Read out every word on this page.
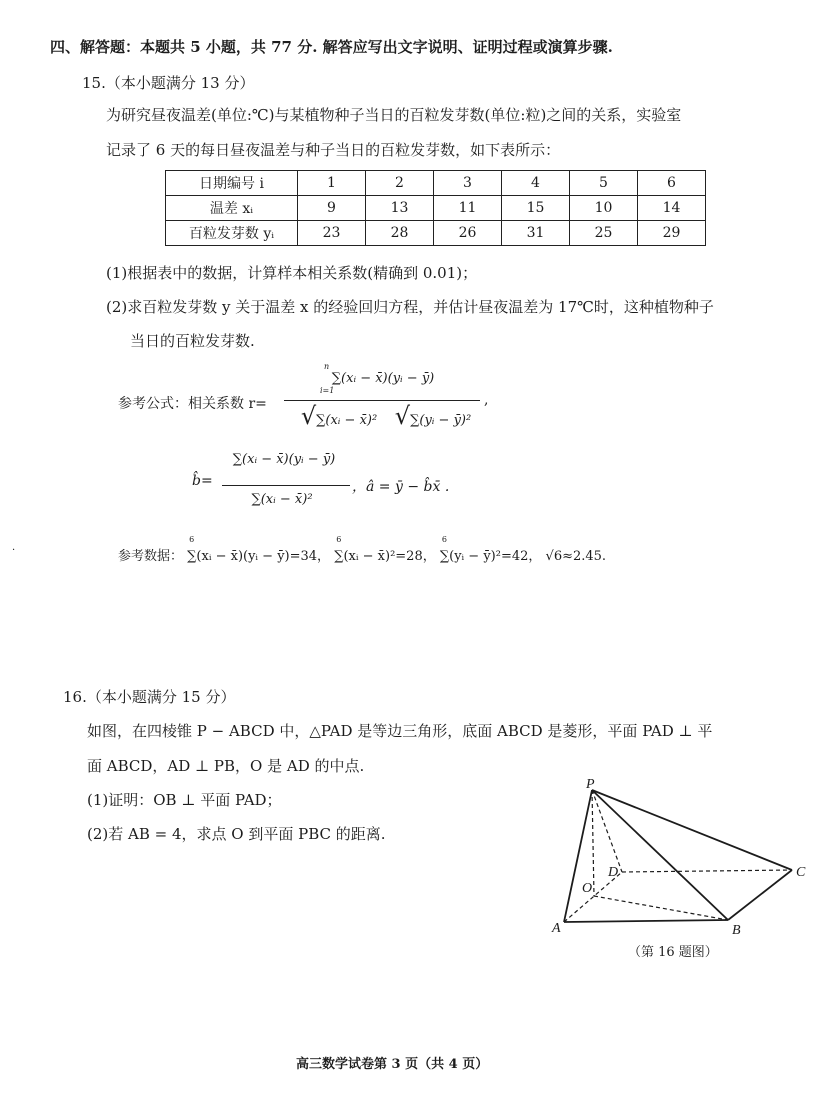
四、解答题：本题共 5 小题，共 77 分. 解答应写出文字说明、证明过程或演算步骤.
15.（本小题满分 13 分）
为研究昼夜温差(单位:℃)与某植物种子当日的百粒发芽数(单位:粒)之间的关系，实验室
记录了 6 天的每日昼夜温差与种子当日的百粒发芽数，如下表所示：
日期编号 i	1	2	3	4	5	6
温差 xᵢ	9	13	11	15	10	14
百粒发芽数 yᵢ	23	28	26	31	25	29
(1)根据表中的数据，计算样本相关系数(精确到 0.01)；
(2)求百粒发芽数 y 关于温差 x 的经验回归方程，并估计昼夜温差为 17℃时，这种植物种子
当日的百粒发芽数.
参考公式：相关系数 r=
n
∑(xᵢ − x̄)(yᵢ − ȳ)
i=1
√∑(xᵢ − x̄)² √∑(yᵢ − ȳ)²
,
b̂=
∑(xᵢ − x̄)(yᵢ − ȳ)
∑(xᵢ − x̄)²
，â = ȳ − b̂x̄ .
参考数据：
6
∑(xᵢ − x̄)(yᵢ − ȳ)=34，
6
∑(xᵢ − x̄)²=28，
6
∑(yᵢ − ȳ)²=42， √6≈2.45.
·
16.（本小题满分 15 分）
如图，在四棱锥 P − ABCD 中，△PAD 是等边三角形，底面 ABCD 是菱形，平面 PAD ⊥ 平
面 ABCD，AD ⊥ PB，O 是 AD 的中点.
(1)证明：OB ⊥ 平面 PAD；
(2)若 AB = 4，求点 O 到平面 PBC 的距离.
P
A	B
C
D
O
（第 16 题图）
高三数学试卷第 3 页（共 4 页）
